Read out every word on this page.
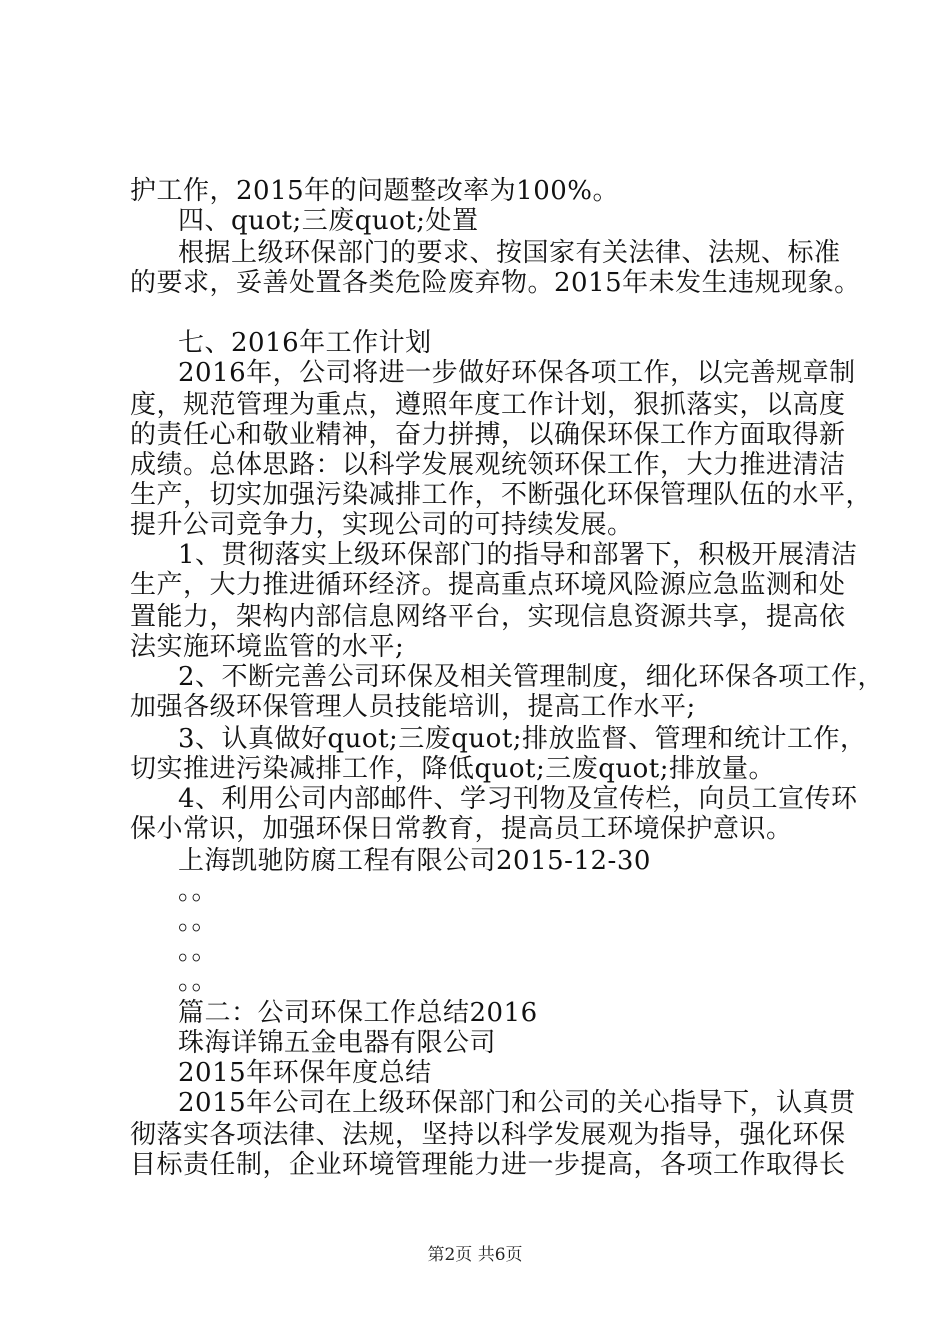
护工作，2015年的问题整改率为100%。
四、quot;三废quot;处置
根据上级环保部门的要求、按国家有关法律、法规、标准
的要求，妥善处置各类危险废弃物。2015年未发生违规现象。
七、2016年工作计划
2016年，公司将进一步做好环保各项工作，以完善规章制
度，规范管理为重点，遵照年度工作计划，狠抓落实，以高度
的责任心和敬业精神，奋力拼搏，以确保环保工作方面取得新
成绩。总体思路：以科学发展观统领环保工作，大力推进清洁
生产，切实加强污染减排工作，不断强化环保管理队伍的水平，
提升公司竞争力，实现公司的可持续发展。
1、贯彻落实上级环保部门的指导和部署下，积极开展清洁
生产，大力推进循环经济。提高重点环境风险源应急监测和处
置能力，架构内部信息网络平台，实现信息资源共享，提高依
法实施环境监管的水平;
2、不断完善公司环保及相关管理制度，细化环保各项工作，
加强各级环保管理人员技能培训，提高工作水平;
3、认真做好quot;三废quot;排放监督、管理和统计工作，
切实推进污染减排工作，降低quot;三废quot;排放量。
4、利用公司内部邮件、学习刊物及宣传栏，向员工宣传环
保小常识，加强环保日常教育，提高员工环境保护意识。
上海凯驰防腐工程有限公司2015-12-30
。。
。。
。。
。。
篇二：公司环保工作总结2016
珠海详锦五金电器有限公司
2015年环保年度总结
2015年公司在上级环保部门和公司的关心指导下，认真贯
彻落实各项法律、法规，坚持以科学发展观为指导，强化环保
目标责任制，企业环境管理能力进一步提高，各项工作取得长
第2页 共6页
